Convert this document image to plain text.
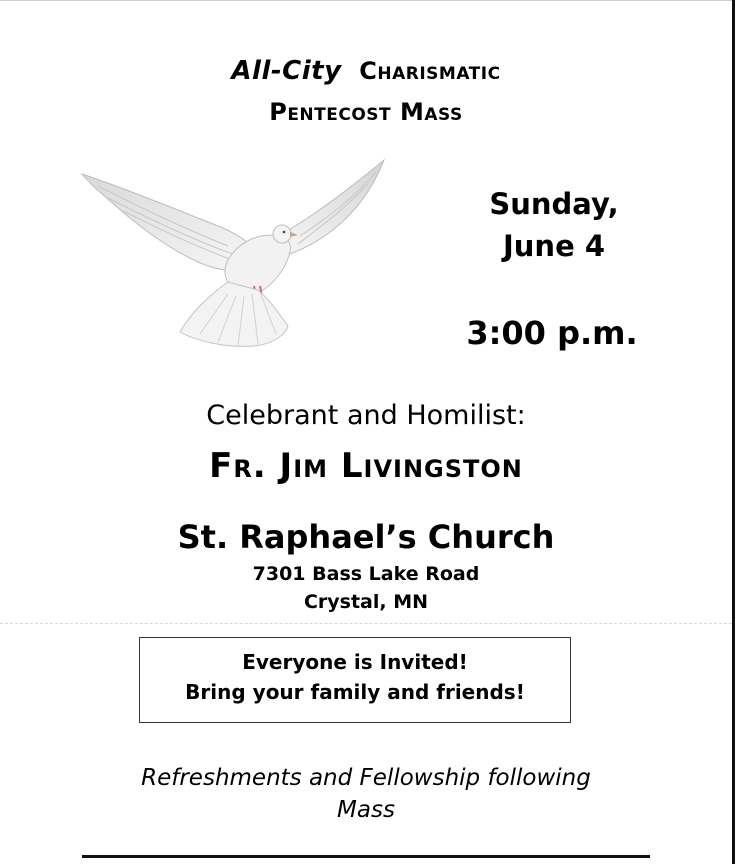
All-City Charismatic
Pentecost Mass
Sunday,
June 4
3:00 p.m.
Celebrant and Homilist:
Fr. Jim Livingston
St. Raphael’s Church
7301 Bass Lake Road
Crystal, MN
Everyone is Invited!
Bring your family and friends!
Refreshments and Fellowship following Mass
